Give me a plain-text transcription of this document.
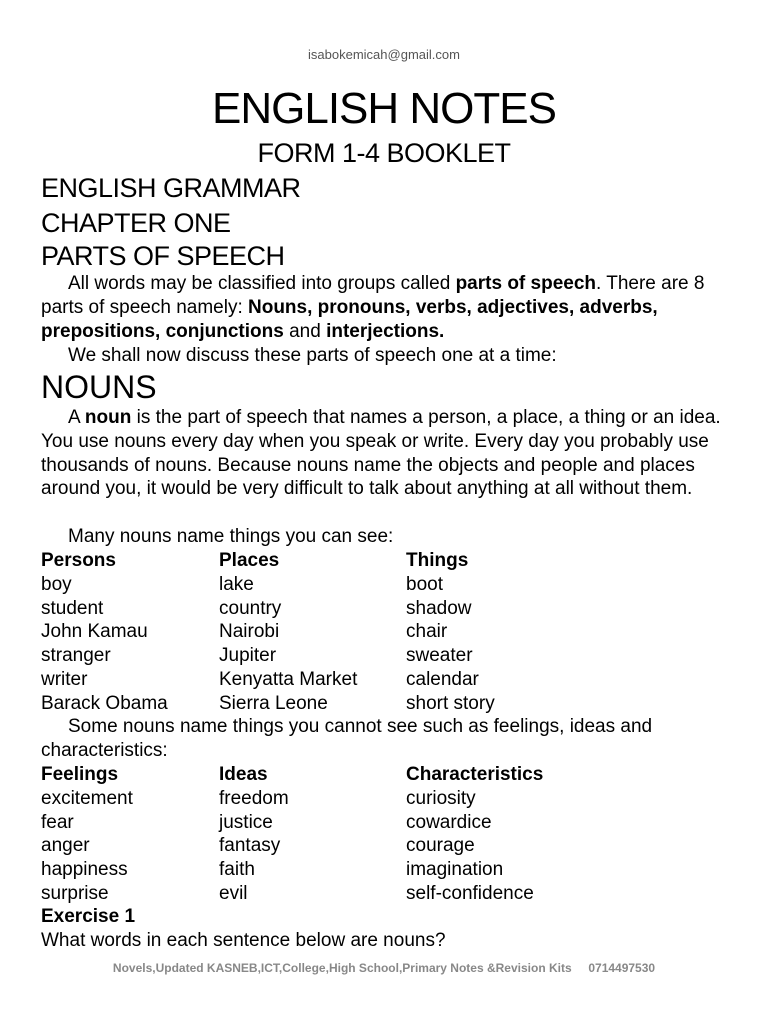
isabokemicah@gmail.com
ENGLISH NOTES
FORM 1-4 BOOKLET
ENGLISH GRAMMAR
CHAPTER ONE
PARTS OF SPEECH
All words may be classified into groups called parts of speech. There are 8 parts of speech namely: Nouns, pronouns, verbs, adjectives, adverbs, prepositions, conjunctions and interjections.
We shall now discuss these parts of speech one at a time:
NOUNS
A noun is the part of speech that names a person, a place, a thing or an idea. You use nouns every day when you speak or write. Every day you probably use thousands of nouns. Because nouns name the objects and people and places around you, it would be very difficult to talk about anything at all without them.
Many nouns name things you can see:
Persons	Places	Things
boy	lake	boot
student	country	shadow
John Kamau	Nairobi	chair
stranger	Jupiter	sweater
writer	Kenyatta Market	calendar
Barack Obama	Sierra Leone	short story
Some nouns name things you cannot see such as feelings, ideas and characteristics:
Feelings	Ideas	Characteristics
excitement	freedom	curiosity
fear	justice	cowardice
anger	fantasy	courage
happiness	faith	imagination
surprise	evil	self-confidence
Exercise 1
What words in each sentence below are nouns?
Novels,Updated KASNEB,ICT,College,High School,Primary Notes &Revision Kits 0714497530
